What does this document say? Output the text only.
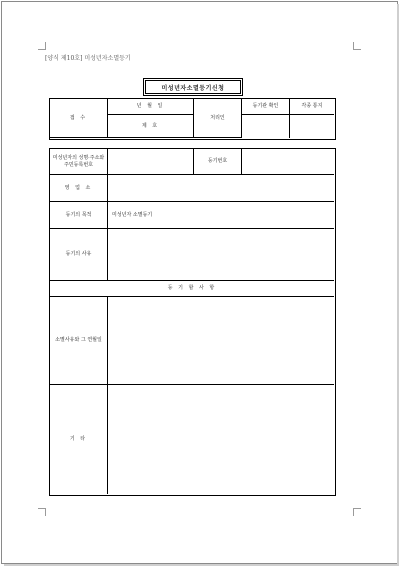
[양식 제10호] 미성년자소멸등기
미성년자소멸등기신청
접 수
년 월 일
제 호
처리인
등기관 확인	각종 통지
미성년자의 성명·주소와 주민등록번호
등기번호
영 업 소
등기의 목적	미성년자 소멸등기
등기의 사유
등 기 할 사 항
소멸사유와 그 연월일
기 타
